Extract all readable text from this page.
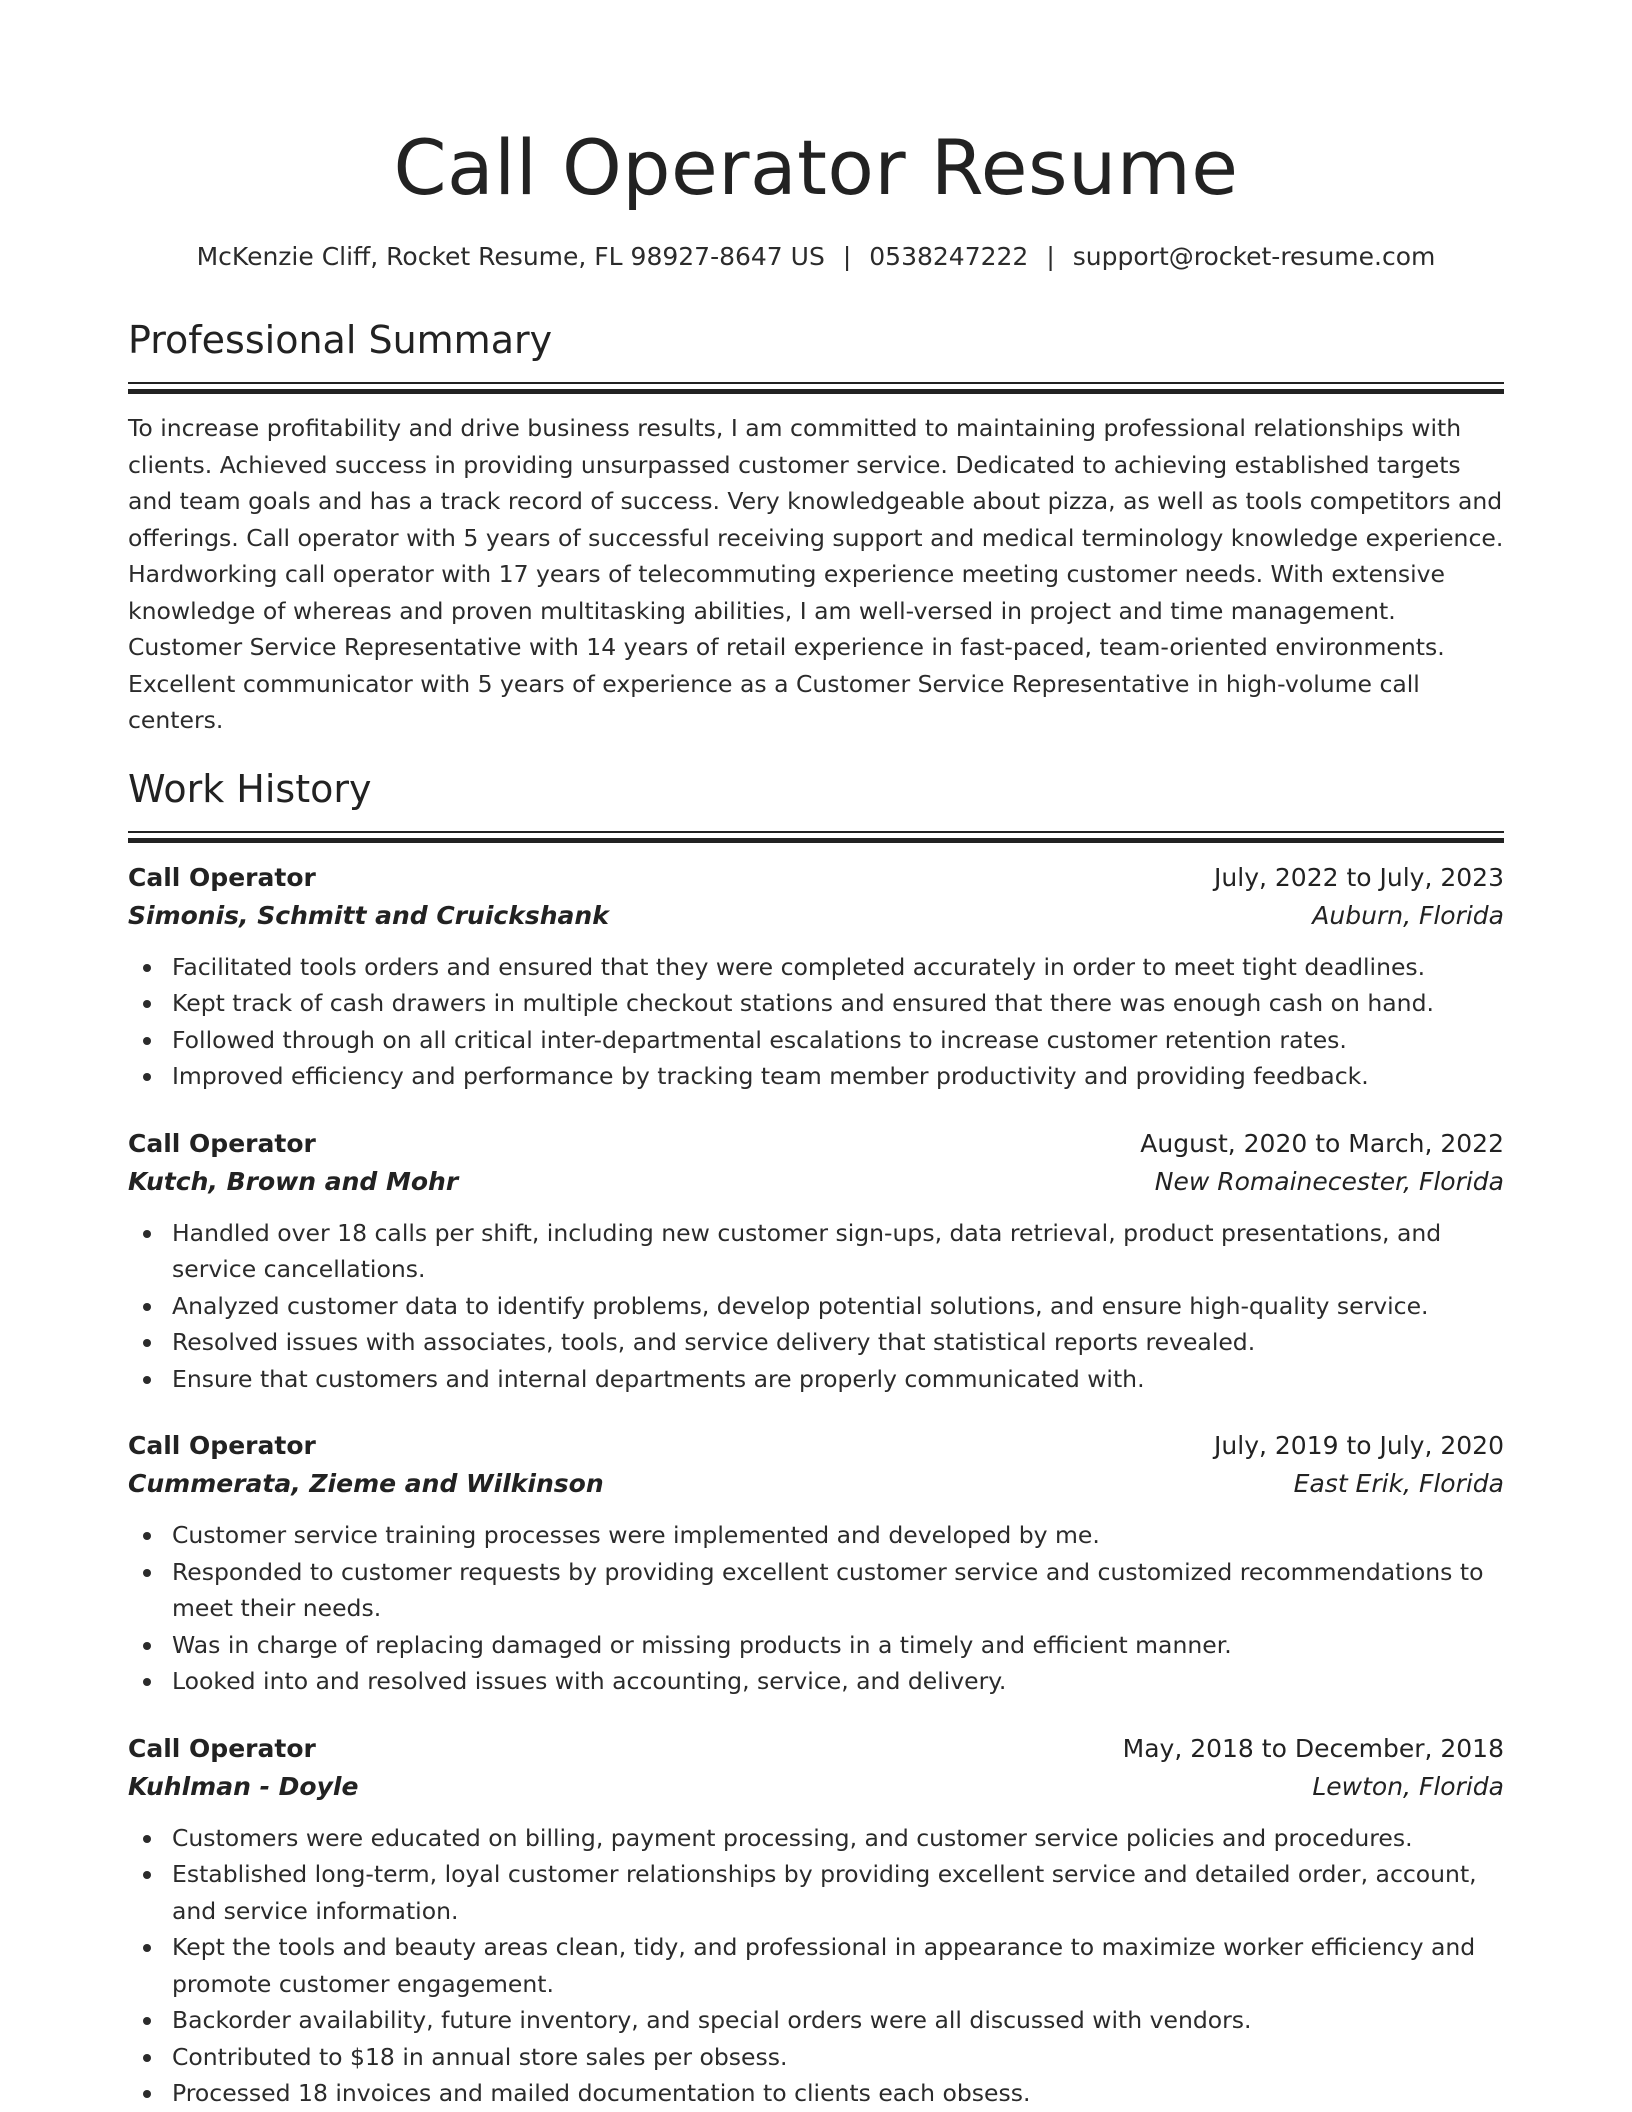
Call Operator Resume
McKenzie Cliff, Rocket Resume, FL 98927-8647 US | 0538247222 | support@rocket-resume.com
Professional Summary

To increase profitability and drive business results, I am committed to maintaining professional relationships with clients. Achieved success in providing unsurpassed customer service. Dedicated to achieving established targets and team goals and has a track record of success. Very knowledgeable about pizza, as well as tools competitors and offerings. Call operator with 5 years of successful receiving support and medical terminology knowledge experience. Hardworking call operator with 17 years of telecommuting experience meeting customer needs. With extensive knowledge of whereas and proven multitasking abilities, I am well-versed in project and time management. Customer Service Representative with 14 years of retail experience in fast-paced, team-oriented environments. Excellent communicator with 5 years of experience as a Customer Service Representative in high-volume call centers.

Work History
Call Operator	July, 2022 to July, 2023
Simonis, Schmitt and Cruickshank	Auburn, Florida
Facilitated tools orders and ensured that they were completed accurately in order to meet tight deadlines.
Kept track of cash drawers in multiple checkout stations and ensured that there was enough cash on hand.
Followed through on all critical inter-departmental escalations to increase customer retention rates.
Improved efficiency and performance by tracking team member productivity and providing feedback.
Call Operator	August, 2020 to March, 2022
Kutch, Brown and Mohr	New Romainecester, Florida
Handled over 18 calls per shift, including new customer sign-ups, data retrieval, product presentations, and service cancellations.
Analyzed customer data to identify problems, develop potential solutions, and ensure high-quality service.
Resolved issues with associates, tools, and service delivery that statistical reports revealed.
Ensure that customers and internal departments are properly communicated with.
Call Operator	July, 2019 to July, 2020
Cummerata, Zieme and Wilkinson	East Erik, Florida
Customer service training processes were implemented and developed by me.
Responded to customer requests by providing excellent customer service and customized recommendations to meet their needs.
Was in charge of replacing damaged or missing products in a timely and efficient manner.
Looked into and resolved issues with accounting, service, and delivery.
Call Operator	May, 2018 to December, 2018
Kuhlman - Doyle	Lewton, Florida
Customers were educated on billing, payment processing, and customer service policies and procedures.
Established long-term, loyal customer relationships by providing excellent service and detailed order, account, and service information.
Kept the tools and beauty areas clean, tidy, and professional in appearance to maximize worker efficiency and promote customer engagement.
Backorder availability, future inventory, and special orders were all discussed with vendors.
Contributed to $18 in annual store sales per obsess.
Processed 18 invoices and mailed documentation to clients each obsess.
